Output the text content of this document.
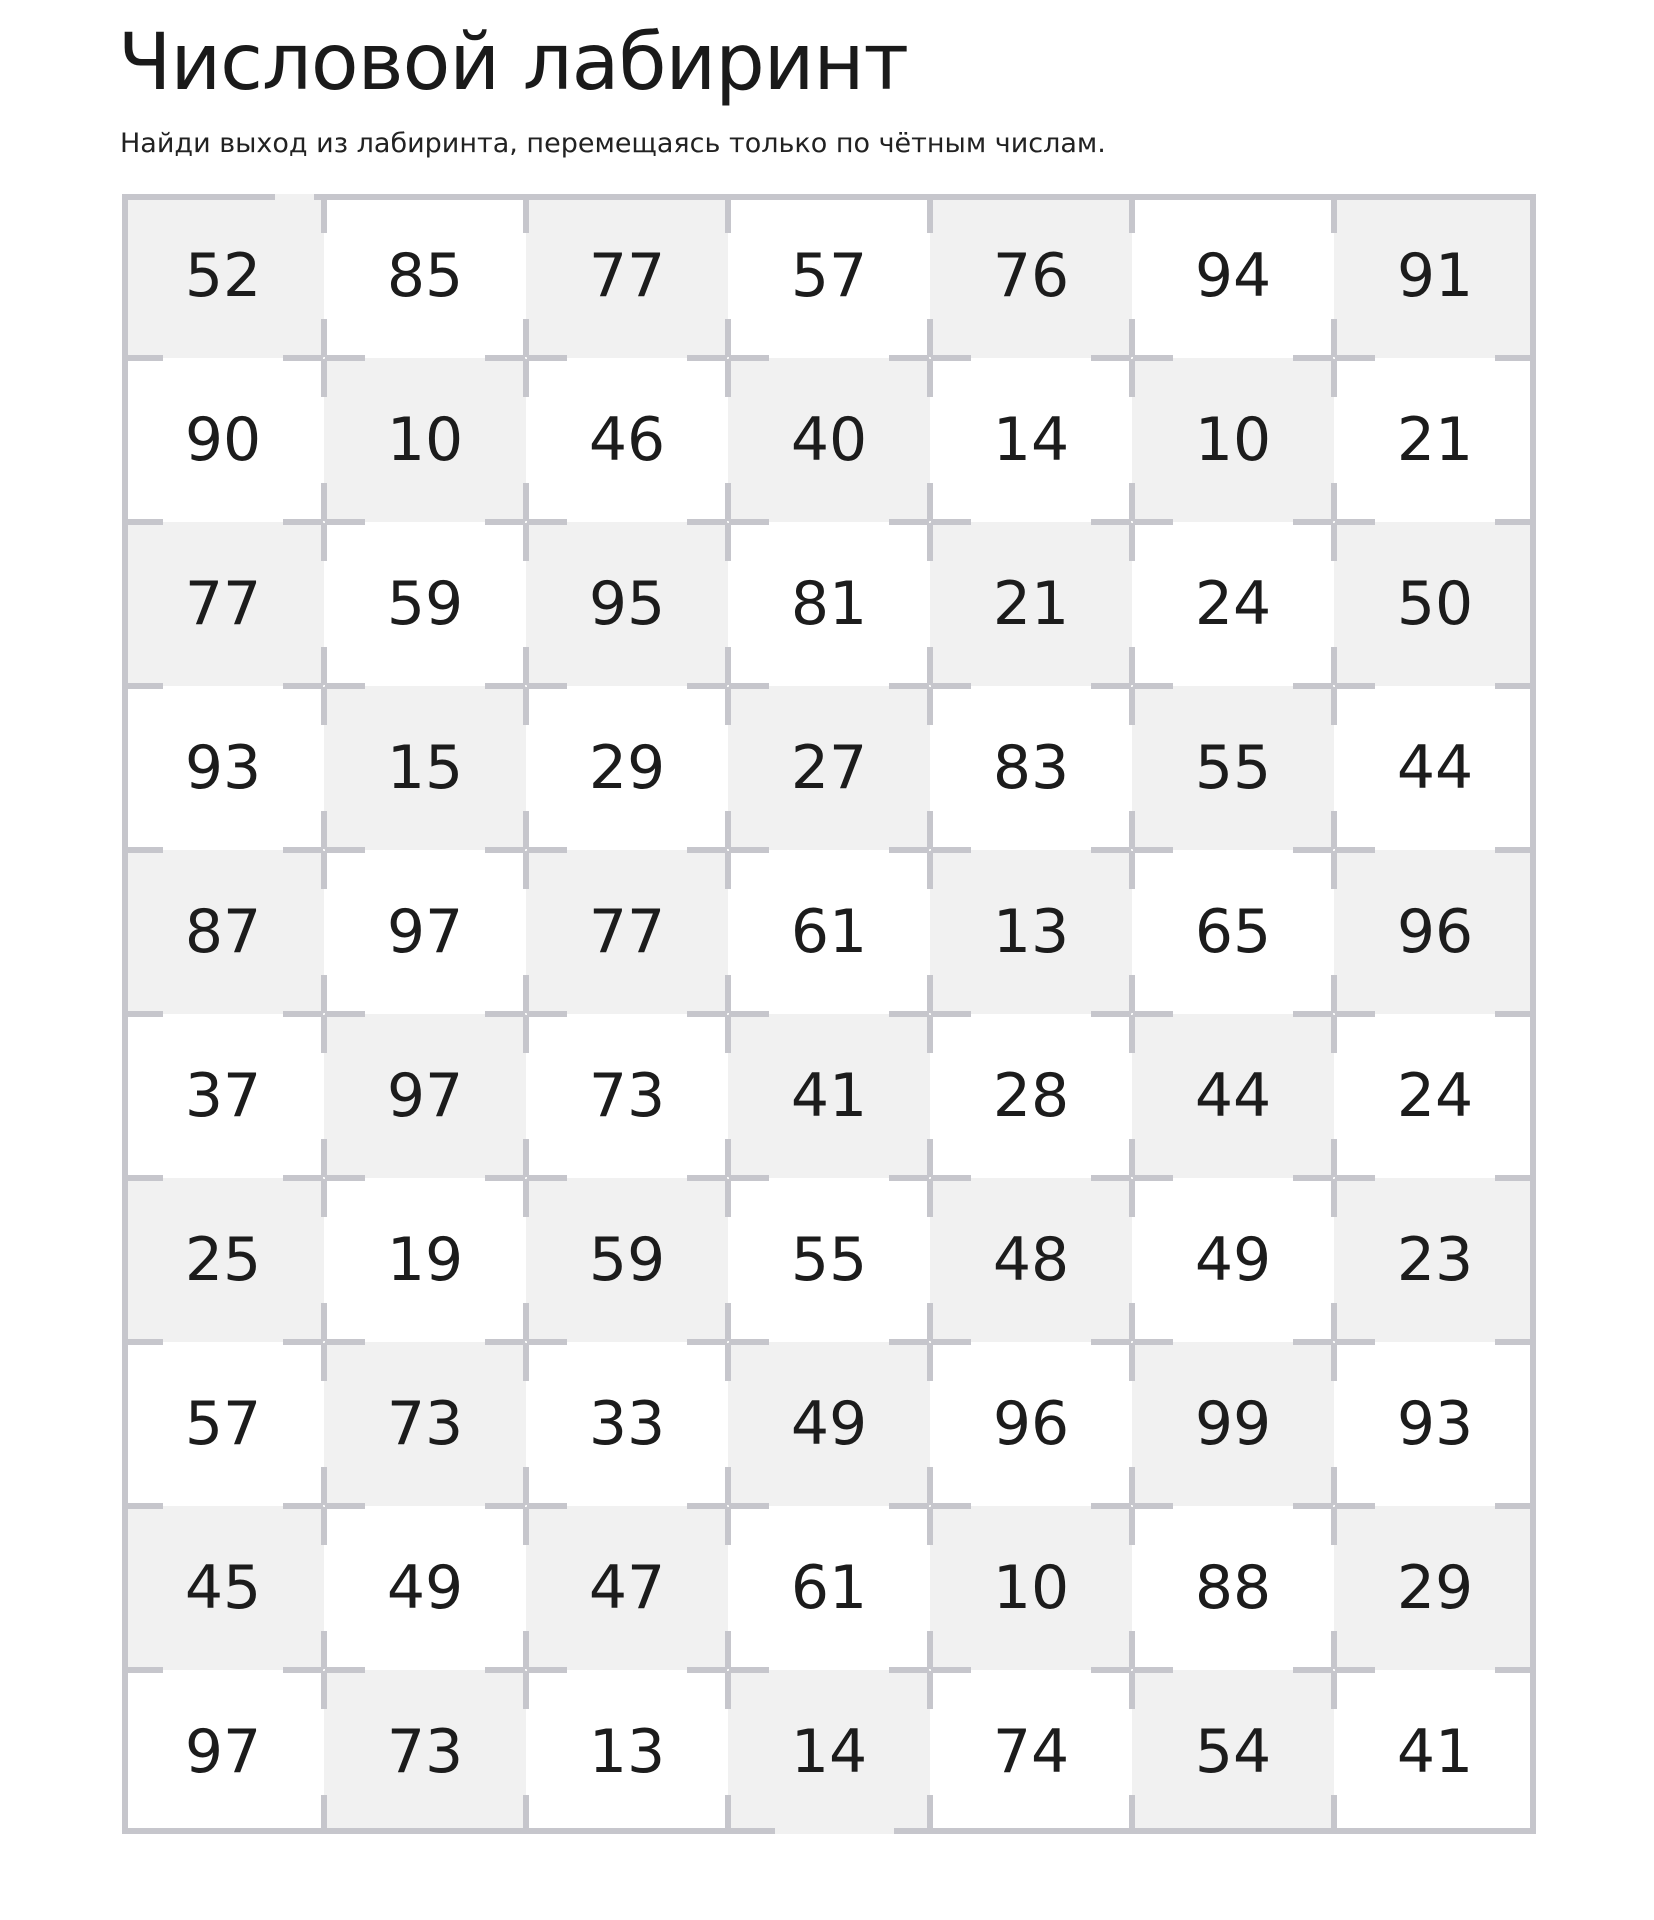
Числовой лабиринт

Найди выход из лабиринта, перемещаясь только по чётным числам.

52	85	77	57	76	94	91
90	10	46	40	14	10	21
77	59	95	81	21	24	50
93	15	29	27	83	55	44
87	97	77	61	13	65	96
37	97	73	41	28	44	24
25	19	59	55	48	49	23
57	73	33	49	96	99	93
45	49	47	61	10	88	29
97	73	13	14	74	54	41
